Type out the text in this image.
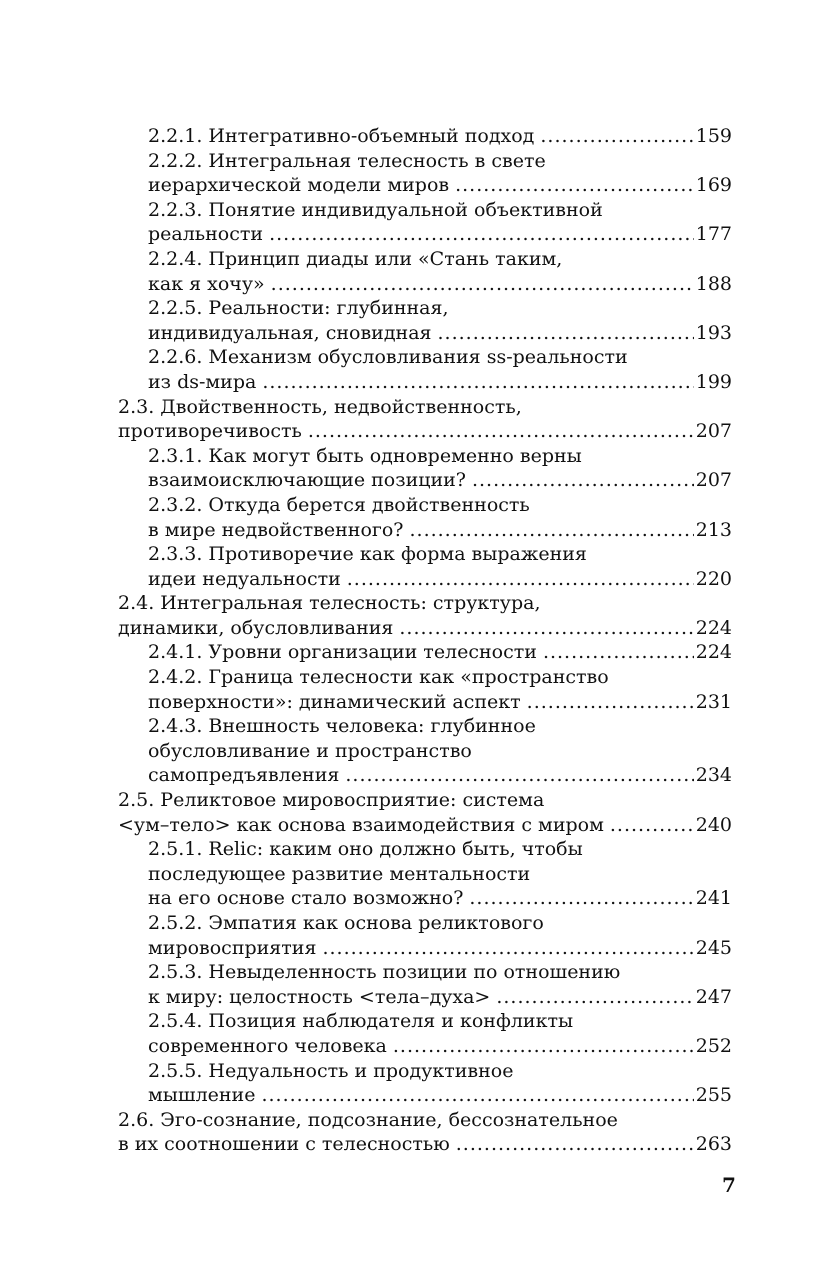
2.2.1. Интегративно-объемный подход .....	159
2.2.2. Интегральная телесность в свете
иерархической модели миров .....	169
2.2.3. Понятие индивидуальной объективной
реальности .....	177
2.2.4. Принцип диады или «Стань таким,
как я хочу» .....	188
2.2.5. Реальности: глубинная,
индивидуальная, сновидная .....	193
2.2.6. Механизм обусловливания ss-реальности
из ds-мира .....	199
2.3. Двойственность, недвойственность,
противоречивость .....	207
2.3.1. Как могут быть одновременно верны
взаимоисключающие позиции? .....	207
2.3.2. Откуда берется двойственность
в мире недвойственного? .....	213
2.3.3. Противоречие как форма выражения
идеи недуальности .....	220
2.4. Интегральная телесность: структура,
динамики, обусловливания .....	224
2.4.1. Уровни организации телесности .....	224
2.4.2. Граница телесности как «пространство
поверхности»: динамический аспект .....	231
2.4.3. Внешность человека: глубинное
обусловливание и пространство
самопредъявления .....	234
2.5. Реликтовое мировосприятие: система
<ум–тело> как основа взаимодействия с миром .....	240
2.5.1. Relic: каким оно должно быть, чтобы
последующее развитие ментальности
на его основе стало возможно? .....	241
2.5.2. Эмпатия как основа реликтового
мировосприятия .....	245
2.5.3. Невыделенность позиции по отношению
к миру: целостность <тела–духа> .....	247
2.5.4. Позиция наблюдателя и конфликты
современного человека .....	252
2.5.5. Недуальность и продуктивное
мышление .....	255
2.6. Эго-сознание, подсознание, бессознательное
в их соотношении с телесностью .....	263
7
